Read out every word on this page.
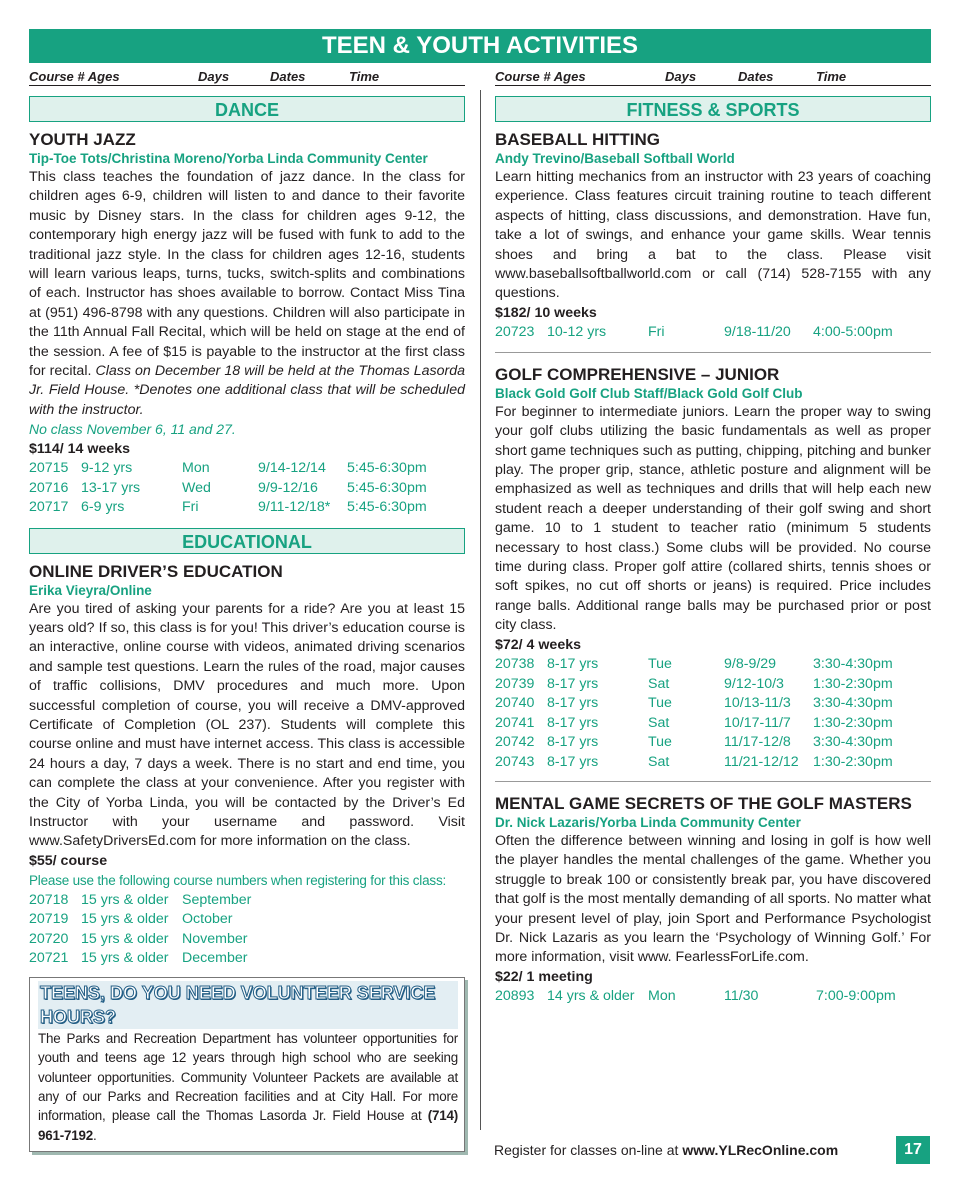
TEEN & YOUTH ACTIVITIES
Course # Ages	Days	Dates	Time	Course # Ages	Days	Dates	Time
DANCE
YOUTH JAZZ
Tip-Toe Tots/Christina Moreno/Yorba Linda Community Center
This class teaches the foundation of jazz dance. In the class for children ages 6-9, children will listen to and dance to their favorite music by Disney stars. In the class for children ages 9-12, the contemporary high energy jazz will be fused with funk to add to the traditional jazz style. In the class for children ages 12-16, students will learn various leaps, turns, tucks, switch-splits and combinations of each. Instructor has shoes available to borrow. Contact Miss Tina at (951) 496-8798 with any questions. Children will also participate in the 11th Annual Fall Recital, which will be held on stage at the end of the session. A fee of $15 is payable to the instructor at the first class for recital. Class on December 18 will be held at the Thomas Lasorda Jr. Field House. *Denotes one additional class that will be scheduled with the instructor.
No class November 6, 11 and 27.
$114/ 14 weeks
20715 9-12 yrs	Mon	9/14-12/14 5:45-6:30pm
20716 13-17 yrs	Wed	9/9-12/16 5:45-6:30pm
20717 6-9 yrs	Fri	9/11-12/18* 5:45-6:30pm
EDUCATIONAL
ONLINE DRIVER’S EDUCATION
Erika Vieyra/Online
Are you tired of asking your parents for a ride? Are you at least 15 years old? If so, this class is for you! This driver’s education course is an interactive, online course with videos, animated driving scenarios and sample test questions. Learn the rules of the road, major causes of traffic collisions, DMV procedures and much more. Upon successful completion of course, you will receive a DMV-approved Certificate of Completion (OL 237). Students will complete this course online and must have internet access. This class is accessible 24 hours a day, 7 days a week. There is no start and end time, you can complete the class at your convenience. After you register with the City of Yorba Linda, you will be contacted by the Driver’s Ed Instructor with your username and password. Visit www.SafetyDriversEd.com for more information on the class.
$55/ course
Please use the following course numbers when registering for this class:
20718 15 yrs & older September
20719 15 yrs & older October
20720 15 yrs & older November
20721 15 yrs & older December
TEENS, DO YOU NEED VOLUNTEER SERVICE HOURS?
The Parks and Recreation Department has volunteer opportunities for youth and teens age 12 years through high school who are seeking volunteer opportunities. Community Volunteer Packets are available at any of our Parks and Recreation facilities and at City Hall. For more information, please call the Thomas Lasorda Jr. Field House at (714) 961-7192.
FITNESS & SPORTS
BASEBALL HITTING
Andy Trevino/Baseball Softball World
Learn hitting mechanics from an instructor with 23 years of coaching experience. Class features circuit training routine to teach different aspects of hitting, class discussions, and demonstration. Have fun, take a lot of swings, and enhance your game skills. Wear tennis shoes and bring a bat to the class. Please visit www.baseballsoftballworld.com or call (714) 528-7155 with any questions.
$182/ 10 weeks
20723 10-12 yrs	Fri	9/18-11/20 4:00-5:00pm
GOLF COMPREHENSIVE – JUNIOR
Black Gold Golf Club Staff/Black Gold Golf Club
For beginner to intermediate juniors. Learn the proper way to swing your golf clubs utilizing the basic fundamentals as well as proper short game techniques such as putting, chipping, pitching and bunker play. The proper grip, stance, athletic posture and alignment will be emphasized as well as techniques and drills that will help each new student reach a deeper understanding of their golf swing and short game. 10 to 1 student to teacher ratio (minimum 5 students necessary to host class.) Some clubs will be provided. No course time during class. Proper golf attire (collared shirts, tennis shoes or soft spikes, no cut off shorts or jeans) is required. Price includes range balls. Additional range balls may be purchased prior or post city class.
$72/ 4 weeks
20738 8-17 yrs	Tue	9/8-9/29	3:30-4:30pm
20739 8-17 yrs	Sat	9/12-10/3 1:30-2:30pm
20740 8-17 yrs	Tue	10/13-11/3 3:30-4:30pm
20741 8-17 yrs	Sat	10/17-11/7 1:30-2:30pm
20742 8-17 yrs	Tue	11/17-12/8 3:30-4:30pm
20743 8-17 yrs	Sat	11/21-12/12 1:30-2:30pm
MENTAL GAME SECRETS OF THE GOLF MASTERS
Dr. Nick Lazaris/Yorba Linda Community Center
Often the difference between winning and losing in golf is how well the player handles the mental challenges of the game. Whether you struggle to break 100 or consistently break par, you have discovered that golf is the most mentally demanding of all sports. No matter what your present level of play, join Sport and Performance Psychologist Dr. Nick Lazaris as you learn the ‘Psychology of Winning Golf.’ For more information, visit www. FearlessForLife.com.
$22/ 1 meeting
20893 14 yrs & older Mon	11/30	7:00-9:00pm
Register for classes on-line at www.YLRecOnline.com	17
